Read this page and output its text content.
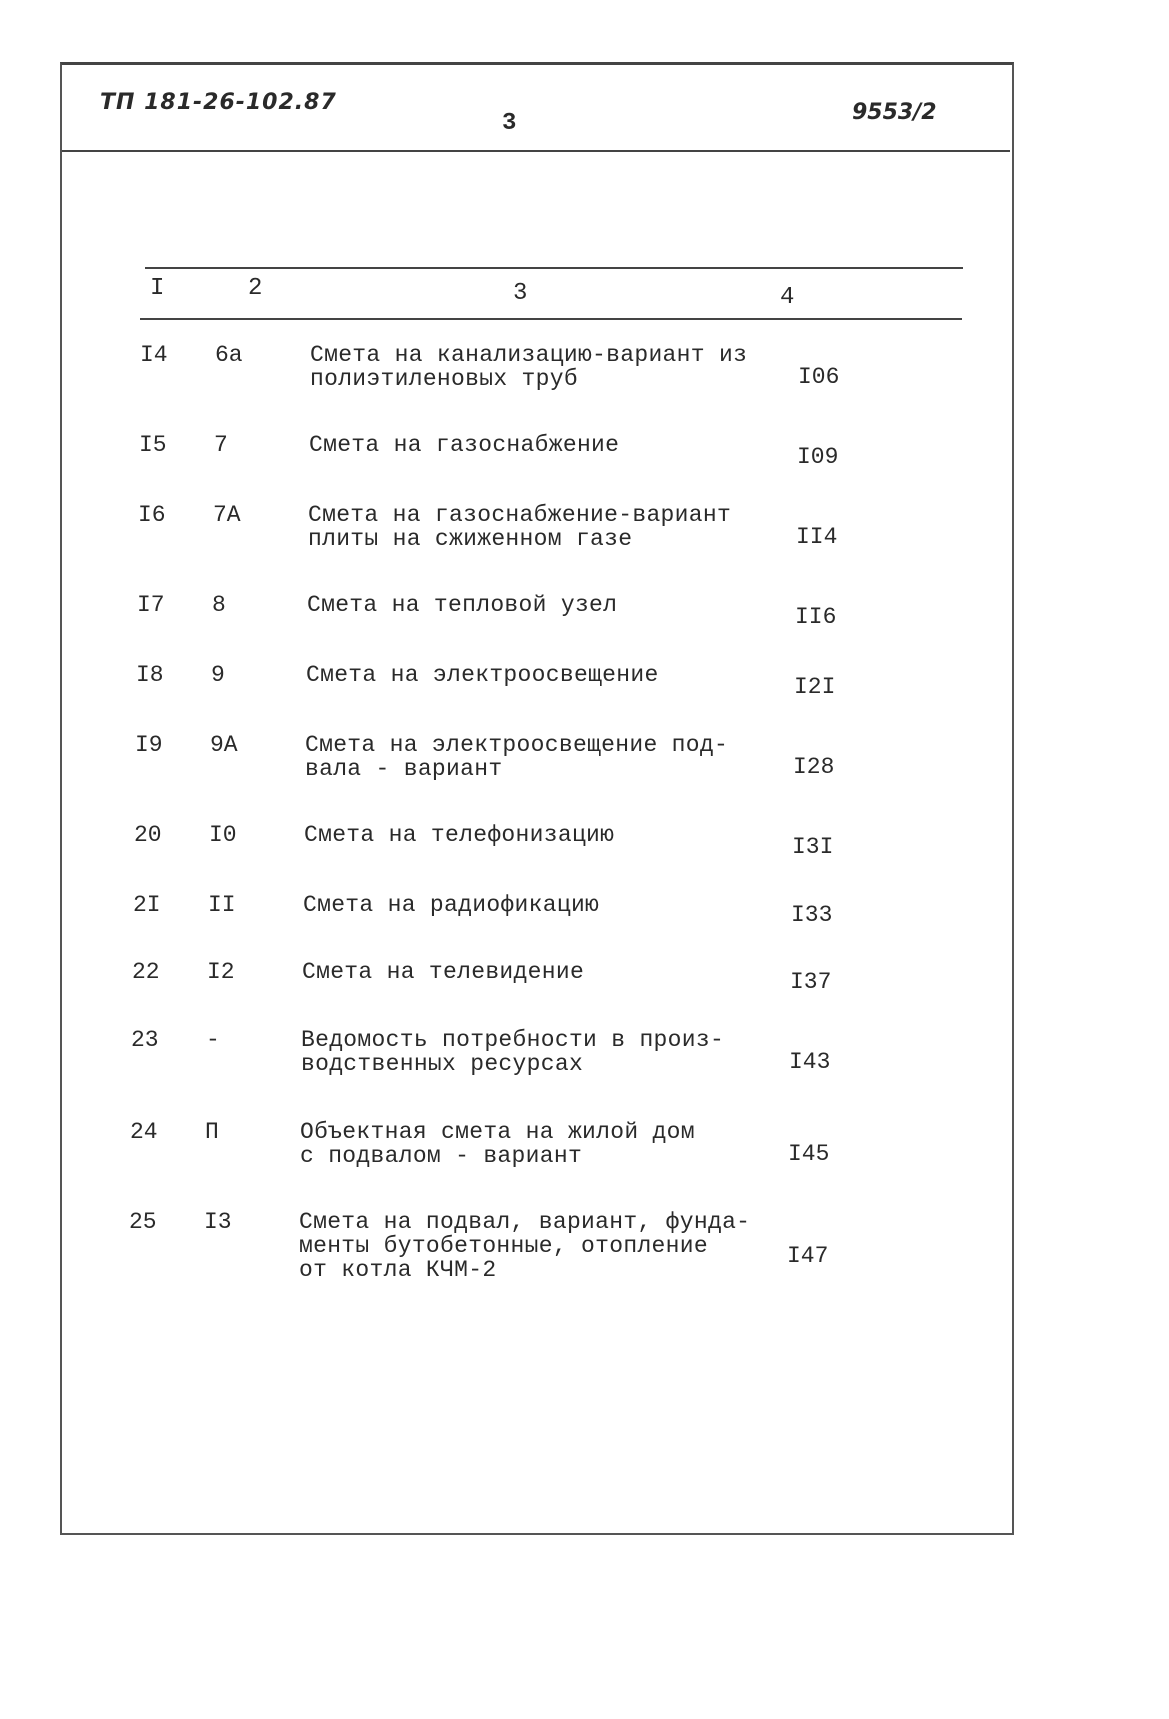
ТП 181-26-102.87
3	9553/2
I	2	3	4
I4 6а	Смета на канализацию-вариант из
полиэтиленовых труб	I06
I5 7	Смета на газоснабжение	I09
I6 7А	Смета на газоснабжение-вариант
плиты на сжиженном газе	II4
I7 8	Смета на тепловой узел	II6
I8 9	Смета на электроосвещение	I2I
I9 9А	Смета на электроосвещение под-
вала - вариант	I28
20 I0	Смета на телефонизацию	I3I
2I II	Смета на радиофикацию	I33
22 I2	Смета на телевидение	I37
23 -	Ведомость потребности в произ-
водственных ресурсах	I43
24 П	Объектная смета на жилой дом
с подвалом - вариант	I45
25 I3	Смета на подвал, вариант, фунда-
менты бутобетонные, отопление
от котла КЧМ-2
I47
